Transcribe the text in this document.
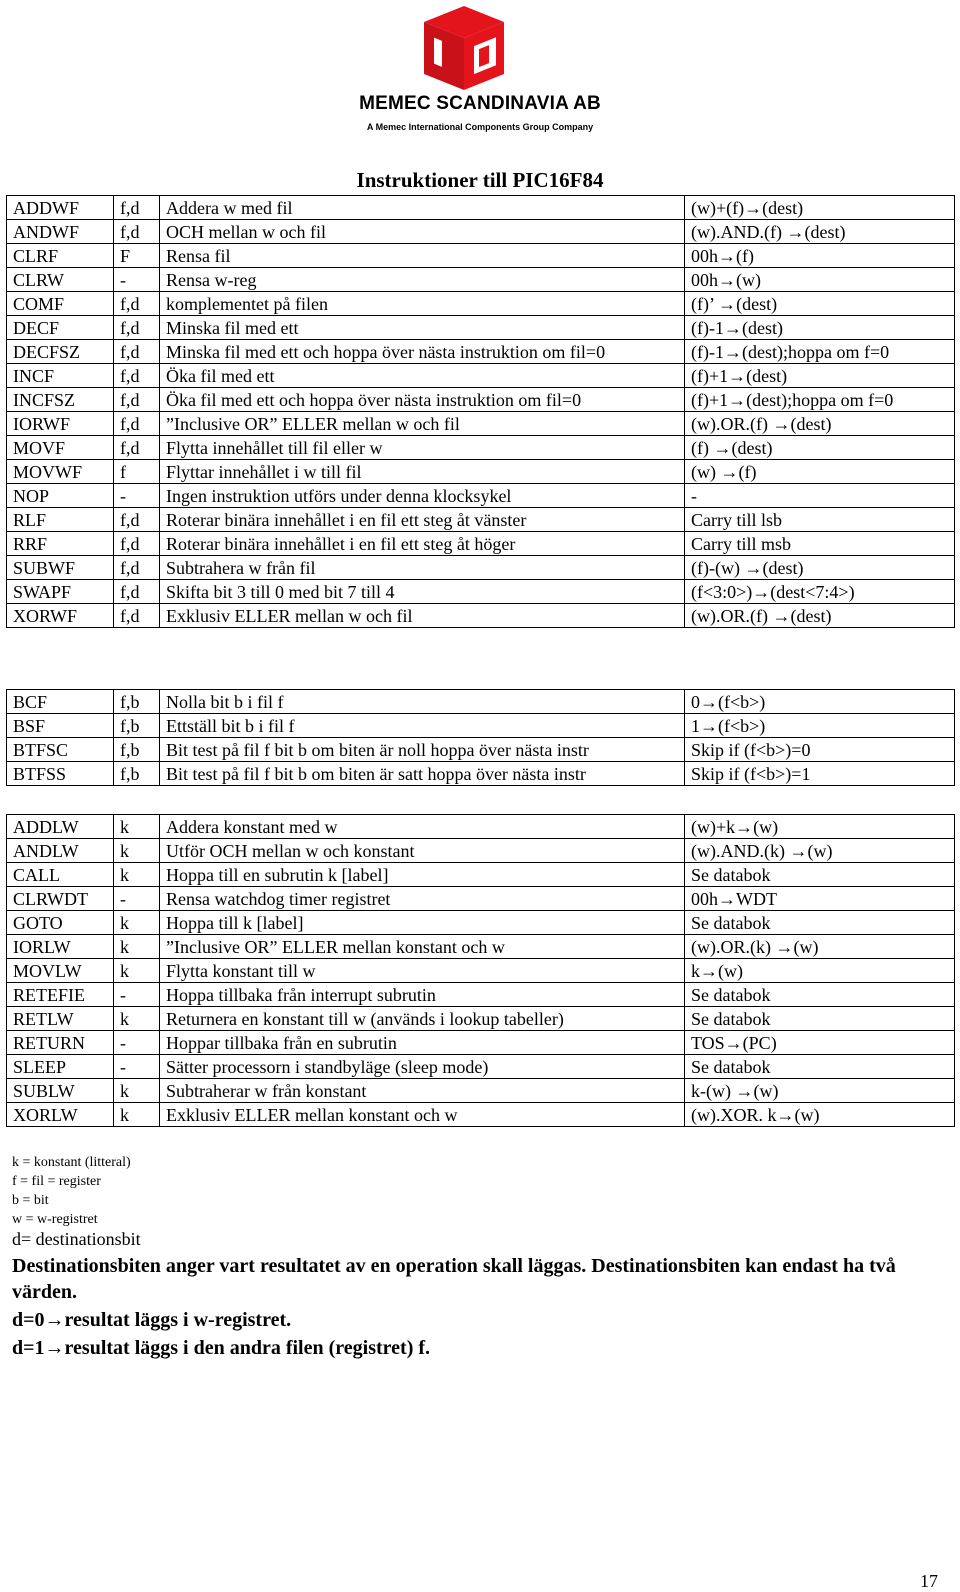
MEMEC SCANDINAVIA AB
A Memec International Components Group Company
Instruktioner till PIC16F84
ADDWF	f,d	Addera w med fil	(w)+(f)→(dest)
ANDWF	f,d	OCH mellan w och fil	(w).AND.(f) →(dest)
CLRF	F	Rensa fil	00h→(f)
CLRW	-	Rensa w-reg	00h→(w)
COMF	f,d	komplementet på filen	(f)’ →(dest)
DECF	f,d	Minska fil med ett	(f)-1→(dest)
DECFSZ	f,d	Minska fil med ett och hoppa över nästa instruktion om fil=0	(f)-1→(dest);hoppa om f=0
INCF	f,d	Öka fil med ett	(f)+1→(dest)
INCFSZ	f,d	Öka fil med ett och hoppa över nästa instruktion om fil=0	(f)+1→(dest);hoppa om f=0
IORWF	f,d	”Inclusive OR” ELLER mellan w och fil	(w).OR.(f) →(dest)
MOVF	f,d	Flytta innehållet till fil eller w	(f) →(dest)
MOVWF	f	Flyttar innehållet i w till fil	(w) →(f)
NOP	-	Ingen instruktion utförs under denna klocksykel	-
RLF	f,d	Roterar binära innehållet i en fil ett steg åt vänster	Carry till lsb
RRF	f,d	Roterar binära innehållet i en fil ett steg åt höger	Carry till msb
SUBWF	f,d	Subtrahera w från fil	(f)-(w) →(dest)
SWAPF	f,d	Skifta bit 3 till 0 med bit 7 till 4	(f<3:0>)→(dest<7:4>)
XORWF	f,d	Exklusiv ELLER mellan w och fil	(w).OR.(f) →(dest)
BCF	f,b	Nolla bit b i fil f	0→(f<b>)
BSF	f,b	Ettställ bit b i fil f	1→(f<b>)
BTFSC	f,b	Bit test på fil f bit b om biten är noll hoppa över nästa instr	Skip if (f<b>)=0
BTFSS	f,b	Bit test på fil f bit b om biten är satt hoppa över nästa instr	Skip if (f<b>)=1
ADDLW	k	Addera konstant med w	(w)+k→(w)
ANDLW	k	Utför OCH mellan w och konstant	(w).AND.(k) →(w)
CALL	k	Hoppa till en subrutin k [label]	Se databok
CLRWDT	-	Rensa watchdog timer registret	00h→WDT
GOTO	k	Hoppa till k [label]	Se databok
IORLW	k	”Inclusive OR” ELLER mellan konstant och w	(w).OR.(k) →(w)
MOVLW	k	Flytta konstant till w	k→(w)
RETEFIE	-	Hoppa tillbaka från interrupt subrutin	Se databok
RETLW	k	Returnera en konstant till w (används i lookup tabeller)	Se databok
RETURN	-	Hoppar tillbaka från en subrutin	TOS→(PC)
SLEEP	-	Sätter processorn i standbyläge (sleep mode)	Se databok
SUBLW	k	Subtraherar w från konstant	k-(w) →(w)
XORLW	k	Exklusiv ELLER mellan konstant och w	(w).XOR. k→(w)
k = konstant (litteral)
f = fil = register
b = bit
w = w-registret
d= destinationsbit

Destinationsbiten anger vart resultatet av en operation skall läggas. Destinationsbiten kan endast ha två värden.

d=0→resultat läggs i w-registret.

d=1→resultat läggs i den andra filen (registret) f.

17
